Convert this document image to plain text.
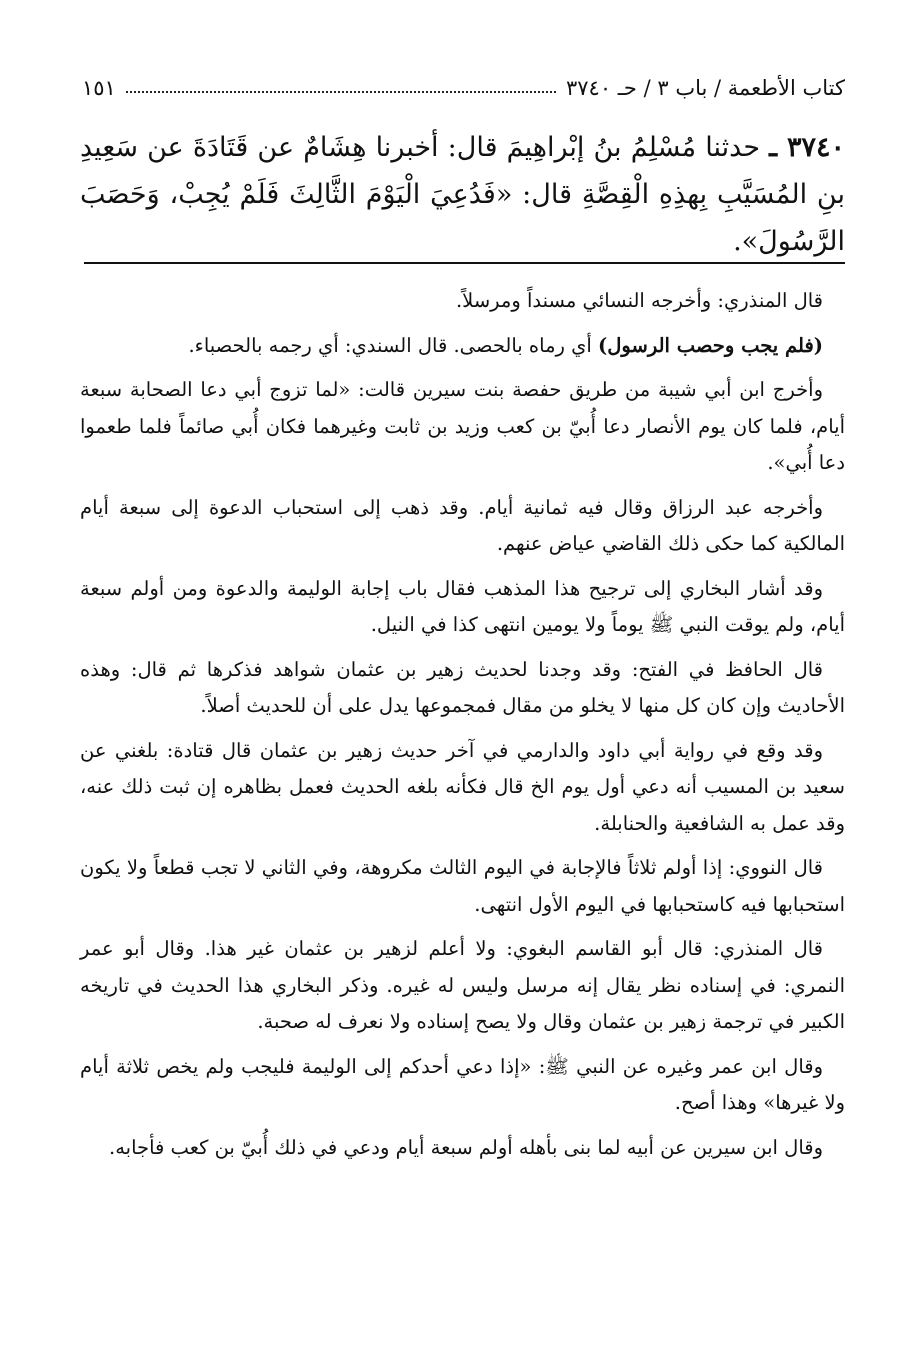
كتاب الأطعمة / باب ٣ / حـ ٣٧٤٠
١٥١
٣٧٤٠ ـ حدثنا مُسْلِمُ بنُ إبْراهِيمَ قال: أخبرنا هِشَامٌ عن قَتَادَةَ عن سَعِيدِ بنِ المُسَيَّبِ بِهذِهِ الْقِصَّةِ قال: «فَدُعِيَ الْيَوْمَ الثَّالِثَ فَلَمْ يُجِبْ، وَحَصَبَ الرَّسُولَ».

قال المنذري: وأخرجه النسائي مسنداً ومرسلاً.

(فلم يجب وحصب الرسول) أي رماه بالحصى. قال السندي: أي رجمه بالحصباء.

وأخرج ابن أبي شيبة من طريق حفصة بنت سيرين قالت: «لما تزوج أبي دعا الصحابة سبعة أيام، فلما كان يوم الأنصار دعا أُبيّ بن كعب وزيد بن ثابت وغيرهما فكان أُبي صائماً فلما طعموا دعا أُبي».

وأخرجه عبد الرزاق وقال فيه ثمانية أيام. وقد ذهب إلى استحباب الدعوة إلى سبعة أيام المالكية كما حكى ذلك القاضي عياض عنهم.

وقد أشار البخاري إلى ترجيح هذا المذهب فقال باب إجابة الوليمة والدعوة ومن أولم سبعة أيام، ولم يوقت النبي ﷺ يوماً ولا يومين انتهى كذا في النيل.

قال الحافظ في الفتح: وقد وجدنا لحديث زهير بن عثمان شواهد فذكرها ثم قال: وهذه الأحاديث وإن كان كل منها لا يخلو من مقال فمجموعها يدل على أن للحديث أصلاً.

وقد وقع في رواية أبي داود والدارمي في آخر حديث زهير بن عثمان قال قتادة: بلغني عن سعيد بن المسيب أنه دعي أول يوم الخ قال فكأنه بلغه الحديث فعمل بظاهره إن ثبت ذلك عنه، وقد عمل به الشافعية والحنابلة.

قال النووي: إذا أولم ثلاثاً فالإجابة في اليوم الثالث مكروهة، وفي الثاني لا تجب قطعاً ولا يكون استحبابها فيه كاستحبابها في اليوم الأول انتهى.

قال المنذري: قال أبو القاسم البغوي: ولا أعلم لزهير بن عثمان غير هذا. وقال أبو عمر النمري: في إسناده نظر يقال إنه مرسل وليس له غيره. وذكر البخاري هذا الحديث في تاريخه الكبير في ترجمة زهير بن عثمان وقال ولا يصح إسناده ولا نعرف له صحبة.

وقال ابن عمر وغيره عن النبي ﷺ: «إذا دعي أحدكم إلى الوليمة فليجب ولم يخص ثلاثة أيام ولا غيرها» وهذا أصح.

وقال ابن سيرين عن أبيه لما بنى بأهله أولم سبعة أيام ودعي في ذلك أُبيّ بن كعب فأجابه.
